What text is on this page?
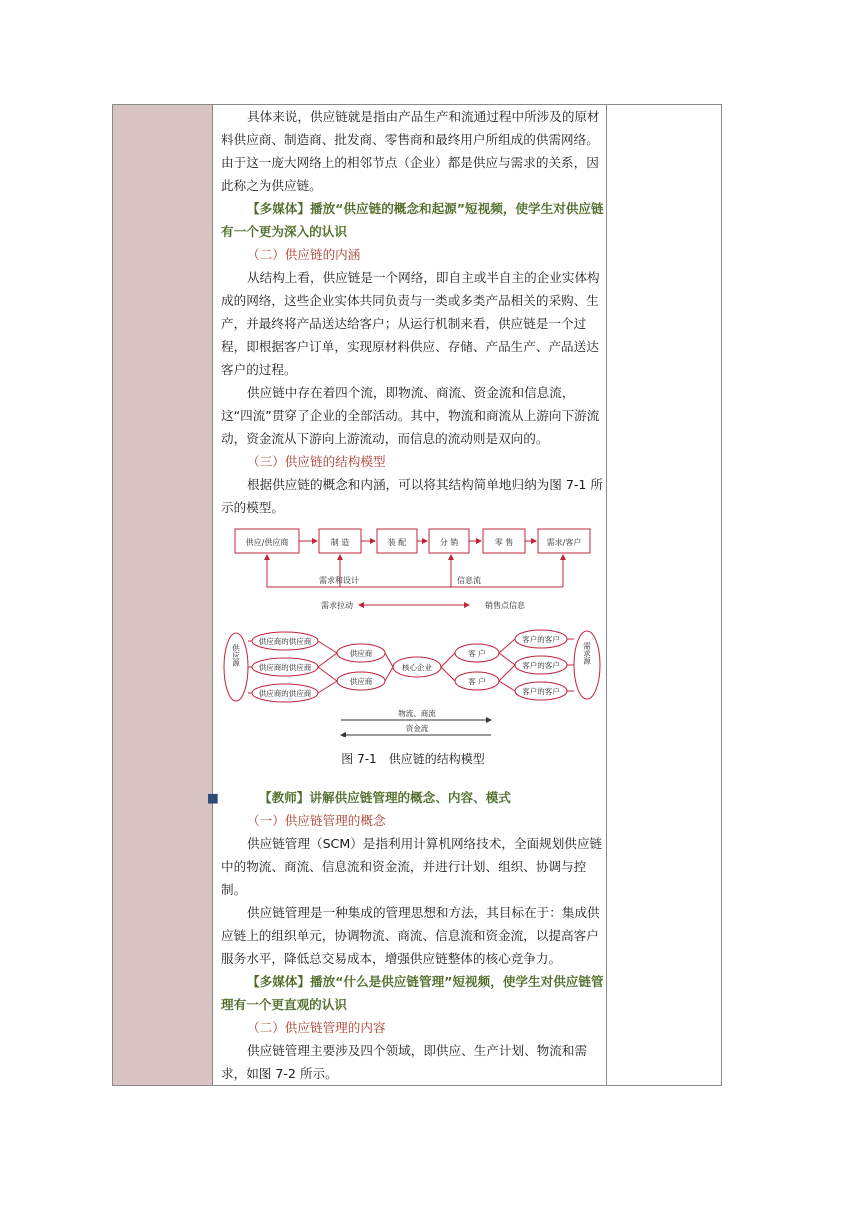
具体来说，供应链就是指由产品生产和流通过程中所涉及的原材料供应商、制造商、批发商、零售商和最终用户所组成的供需网络。由于这一庞大网络上的相邻节点（企业）都是供应与需求的关系，因此称之为供应链。

【多媒体】播放“供应链的概念和起源”短视频，使学生对供应链有一个更为深入的认识

（二）供应链的内涵

从结构上看，供应链是一个网络，即自主或半自主的企业实体构成的网络，这些企业实体共同负责与一类或多类产品相关的采购、生产，并最终将产品送达给客户；从运行机制来看，供应链是一个过程，即根据客户订单，实现原材料供应、存储、产品生产、产品送达客户的过程。

供应链中存在着四个流，即物流、商流、资金流和信息流，这“四流”贯穿了企业的全部活动。其中，物流和商流从上游向下游流动，资金流从下游向上游流动，而信息的流动则是双向的。

（三）供应链的结构模型

根据供应链的概念和内涵，可以将其结构简单地归纳为图 7-1 所示的模型。

供应/供应商	制 造	装 配	分 销	零 售	需求/客户
需求和设计	信息流
需求拉动	销售点信息
供应源
供应商的供应商
供应商的供应商
供应商的供应商
供应商
供应商
核心企业
客 户
客 户
客户的客户
客户的客户
客户的客户
需求源
物流、商流
资金流
图 7-1　供应链的结构模型
■	【教师】讲解供应链管理的概念、内容、模式

（一）供应链管理的概念

供应链管理（SCM）是指利用计算机网络技术，全面规划供应链中的物流、商流、信息流和资金流，并进行计划、组织、协调与控制。

供应链管理是一种集成的管理思想和方法，其目标在于：集成供应链上的组织单元，协调物流、商流、信息流和资金流，以提高客户服务水平，降低总交易成本，增强供应链整体的核心竞争力。

【多媒体】播放“什么是供应链管理”短视频，使学生对供应链管理有一个更直观的认识

（二）供应链管理的内容

供应链管理主要涉及四个领域，即供应、生产计划、物流和需求，如图 7-2 所示。
